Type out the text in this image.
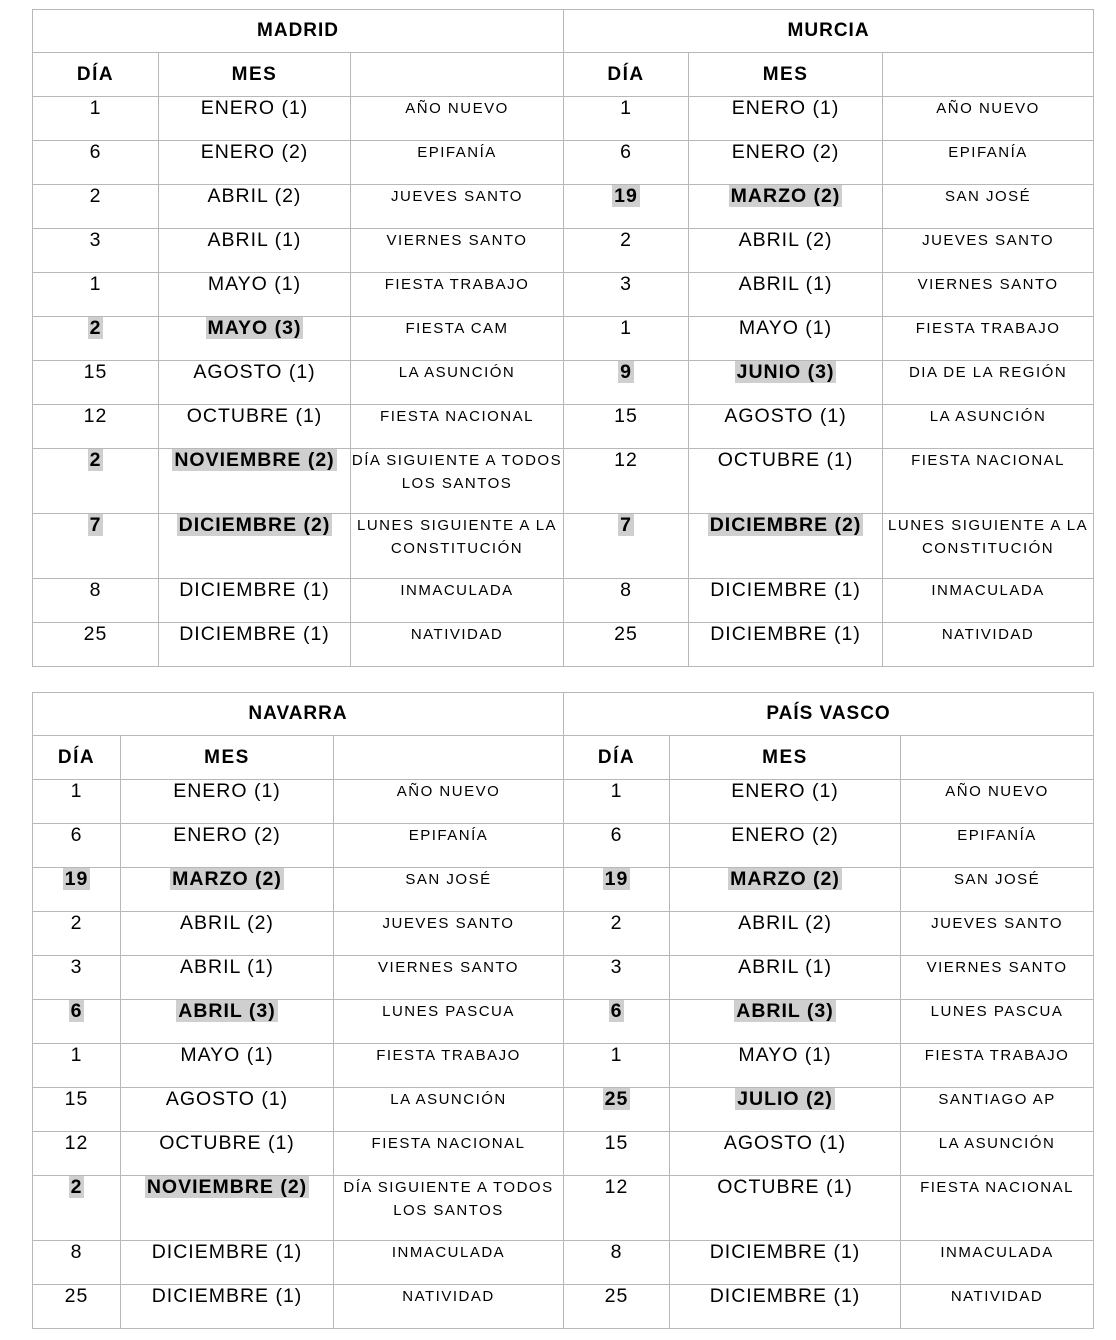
MADRID			MURCIA		
DÍA	MES		DÍA	MES	
1	ENERO (1)	AÑO NUEVO	1	ENERO (1)	AÑO NUEVO
6	ENERO (2)	EPIFANÍA	6	ENERO (2)	EPIFANÍA
2	ABRIL (2)	JUEVES SANTO	19	MARZO (2)	SAN JOSÉ
3	ABRIL (1)	VIERNES SANTO	2	ABRIL (2)	JUEVES SANTO
1	MAYO (1)	FIESTA TRABAJO	3	ABRIL (1)	VIERNES SANTO
2	MAYO (3)	FIESTA CAM	1	MAYO (1)	FIESTA TRABAJO
15	AGOSTO (1)	LA ASUNCIÓN	9	JUNIO (3)	DIA DE LA REGIÓN
12	OCTUBRE (1)	FIESTA NACIONAL	15	AGOSTO (1)	LA ASUNCIÓN
2	NOVIEMBRE (2)	DÍA SIGUIENTE A TODOS LOS SANTOS	12	OCTUBRE (1)	FIESTA NACIONAL
7	DICIEMBRE (2)	LUNES SIGUIENTE A LA CONSTITUCIÓN	7	DICIEMBRE (2)	LUNES SIGUIENTE A LA CONSTITUCIÓN
8	DICIEMBRE (1)	INMACULADA	8	DICIEMBRE (1)	INMACULADA
25	DICIEMBRE (1)	NATIVIDAD	25	DICIEMBRE (1)	NATIVIDAD
NAVARRA			PAÍS VASCO		
DÍA	MES		DÍA	MES	
1	ENERO (1)	AÑO NUEVO	1	ENERO (1)	AÑO NUEVO
6	ENERO (2)	EPIFANÍA	6	ENERO (2)	EPIFANÍA
19	MARZO (2)	SAN JOSÉ	19	MARZO (2)	SAN JOSÉ
2	ABRIL (2)	JUEVES SANTO	2	ABRIL (2)	JUEVES SANTO
3	ABRIL (1)	VIERNES SANTO	3	ABRIL (1)	VIERNES SANTO
6	ABRIL (3)	LUNES PASCUA	6	ABRIL (3)	LUNES PASCUA
1	MAYO (1)	FIESTA TRABAJO	1	MAYO (1)	FIESTA TRABAJO
15	AGOSTO (1)	LA ASUNCIÓN	25	JULIO (2)	SANTIAGO AP
12	OCTUBRE (1)	FIESTA NACIONAL	15	AGOSTO (1)	LA ASUNCIÓN
2	NOVIEMBRE (2)	DÍA SIGUIENTE A TODOS LOS SANTOS	12	OCTUBRE (1)	FIESTA NACIONAL
8	DICIEMBRE (1)	INMACULADA	8	DICIEMBRE (1)	INMACULADA
25	DICIEMBRE (1)	NATIVIDAD	25	DICIEMBRE (1)	NATIVIDAD
